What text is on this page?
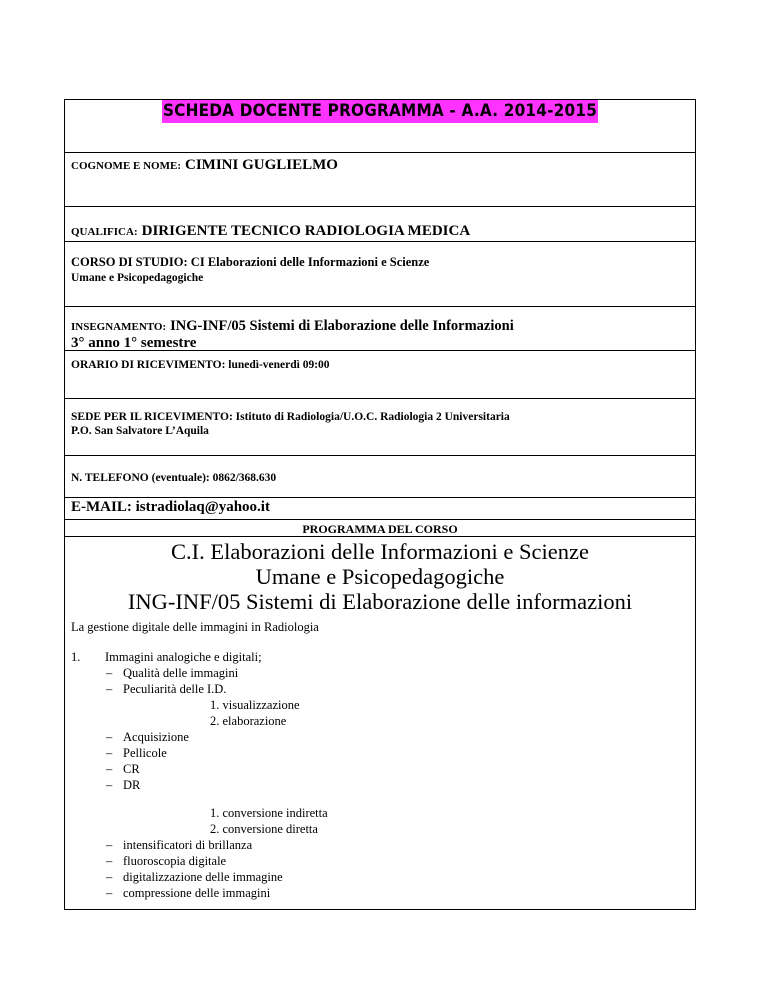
SCHEDA DOCENTE PROGRAMMA - A.A. 2014-2015
COGNOME E NOME: CIMINI GUGLIELMO
QUALIFICA: DIRIGENTE TECNICO RADIOLOGIA MEDICA
CORSO DI STUDIO: CI Elaborazioni delle Informazioni e Scienze
Umane e Psicopedagogiche
INSEGNAMENTO: ING-INF/05 Sistemi di Elaborazione delle Informazioni
3° anno 1° semestre
ORARIO DI RICEVIMENTO: lunedì-venerdì 09:00
SEDE PER IL RICEVIMENTO: Istituto di Radiologia/U.O.C. Radiologia 2 Universitaria
P.O. San Salvatore L’Aquila
N. TELEFONO (eventuale): 0862/368.630
E-MAIL: istradiolaq@yahoo.it
PROGRAMMA DEL CORSO
C.I. Elaborazioni delle Informazioni e Scienze
Umane e Psicopedagogiche
ING-INF/05 Sistemi di Elaborazione delle informazioni
La gestione digitale delle immagini in Radiologia
1. Immagini analogiche e digitali;
– Qualità delle immagini
– Peculiarità delle I.D.
1. visualizzazione
2. elaborazione
– Acquisizione
– Pellicole
– CR
– DR
1. conversione indiretta
2. conversione diretta
– intensificatori di brillanza
– fluoroscopia digitale
– digitalizzazione delle immagine
– compressione delle immagini
